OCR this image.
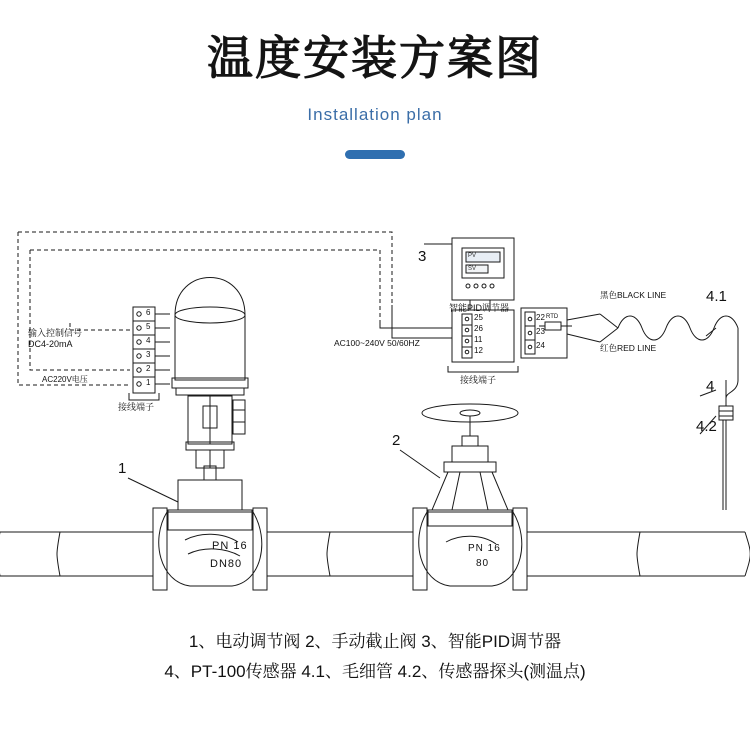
温度安装方案图
Installation plan
输入控制信号
DC4-20mA
AC220V电压
接线端子
6
5
4
3
2
1
PV
SV
智能PID调节器
AC100~240V 50/60HZ
接线端子
25
26
11
12
22
23
24
RTD
黑色BLACK LINE
红色RED LINE
PN 16
DN80
PN 16
80
1
2
3
4
4.1
4.2
1、电动调节阀 2、手动截止阀 3、智能PID调节器
4、PT-100传感器 4.1、毛细管 4.2、传感器探头(测温点)
